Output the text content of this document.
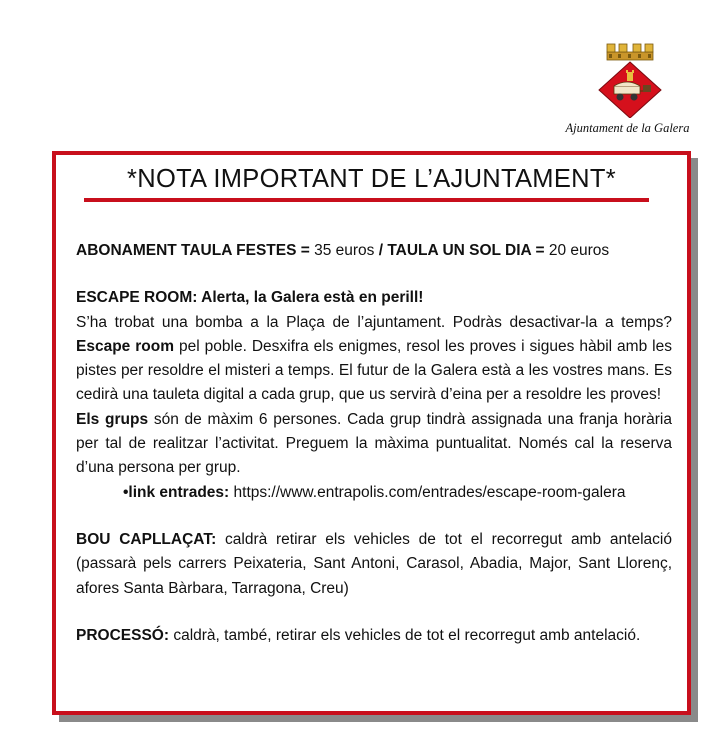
Ajuntament de la Galera
*NOTA IMPORTANT DE L’AJUNTAMENT*

ABONAMENT TAULA FESTES = 35 euros / TAULA UN SOL DIA = 20 euros

ESCAPE ROOM: Alerta, la Galera està en perill!

S’ha trobat una bomba a la Plaça de l’ajuntament. Podràs desactivar-la a temps? Escape room pel poble. Desxifra els enigmes, resol les proves i sigues hàbil amb les pistes per resoldre el misteri a temps. El futur de la Galera està a les vostres mans. Es cedirà una tauleta digital a cada grup, que us servirà d’eina per a resoldre les proves!

Els grups són de màxim 6 persones. Cada grup tindrà assignada una franja horària per tal de realitzar l’activitat. Preguem la màxima puntualitat. Només cal la reserva d’una persona per grup.

•link entrades: https://www.entrapolis.com/entrades/escape-room-galera

BOU CAPLLAÇAT: caldrà retirar els vehicles de tot el recorregut amb antelació (passarà pels carrers Peixateria, Sant Antoni, Carasol, Abadia, Major, Sant Llorenç, afores Santa Bàrbara, Tarragona, Creu)

PROCESSÓ: caldrà, també, retirar els vehicles de tot el recorregut amb antelació.
